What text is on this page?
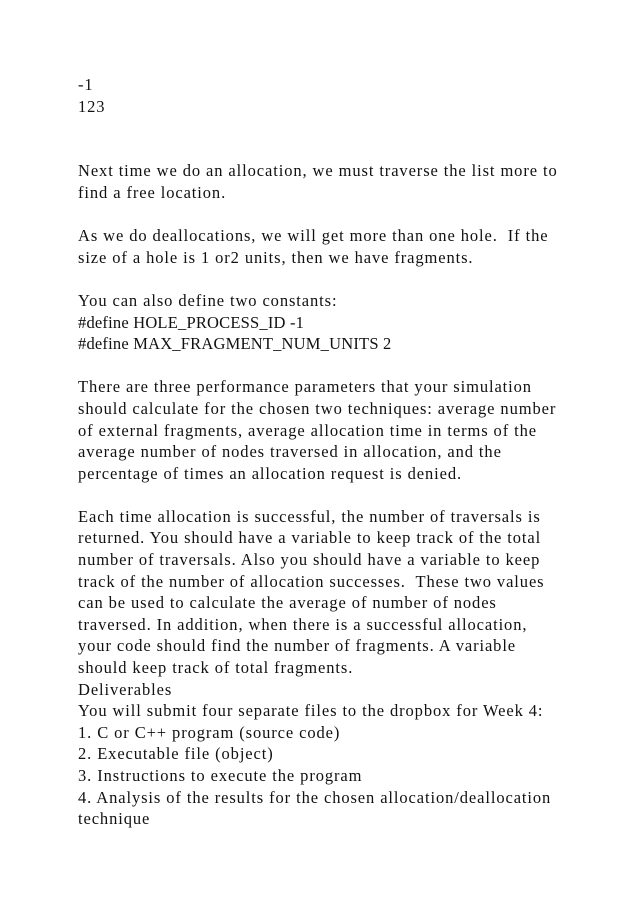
-1
123
Next time we do an allocation, we must traverse the list more to
find a free location.
As we do deallocations, we will get more than one hole.  If the
size of a hole is 1 or2 units, then we have fragments.
You can also define two constants:
#define HOLE_PROCESS_ID -1
#define MAX_FRAGMENT_NUM_UNITS 2
There are three performance parameters that your simulation
should calculate for the chosen two techniques: average number
of external fragments, average allocation time in terms of the
average number of nodes traversed in allocation, and the
percentage of times an allocation request is denied.
Each time allocation is successful, the number of traversals is
returned. You should have a variable to keep track of the total
number of traversals. Also you should have a variable to keep
track of the number of allocation successes.  These two values
can be used to calculate the average of number of nodes
traversed. In addition, when there is a successful allocation,
your code should find the number of fragments. A variable
should keep track of total fragments.
Deliverables
You will submit four separate files to the dropbox for Week 4:
1. C or C++ program (source code)
2. Executable file (object)
3. Instructions to execute the program
4. Analysis of the results for the chosen allocation/deallocation
technique
